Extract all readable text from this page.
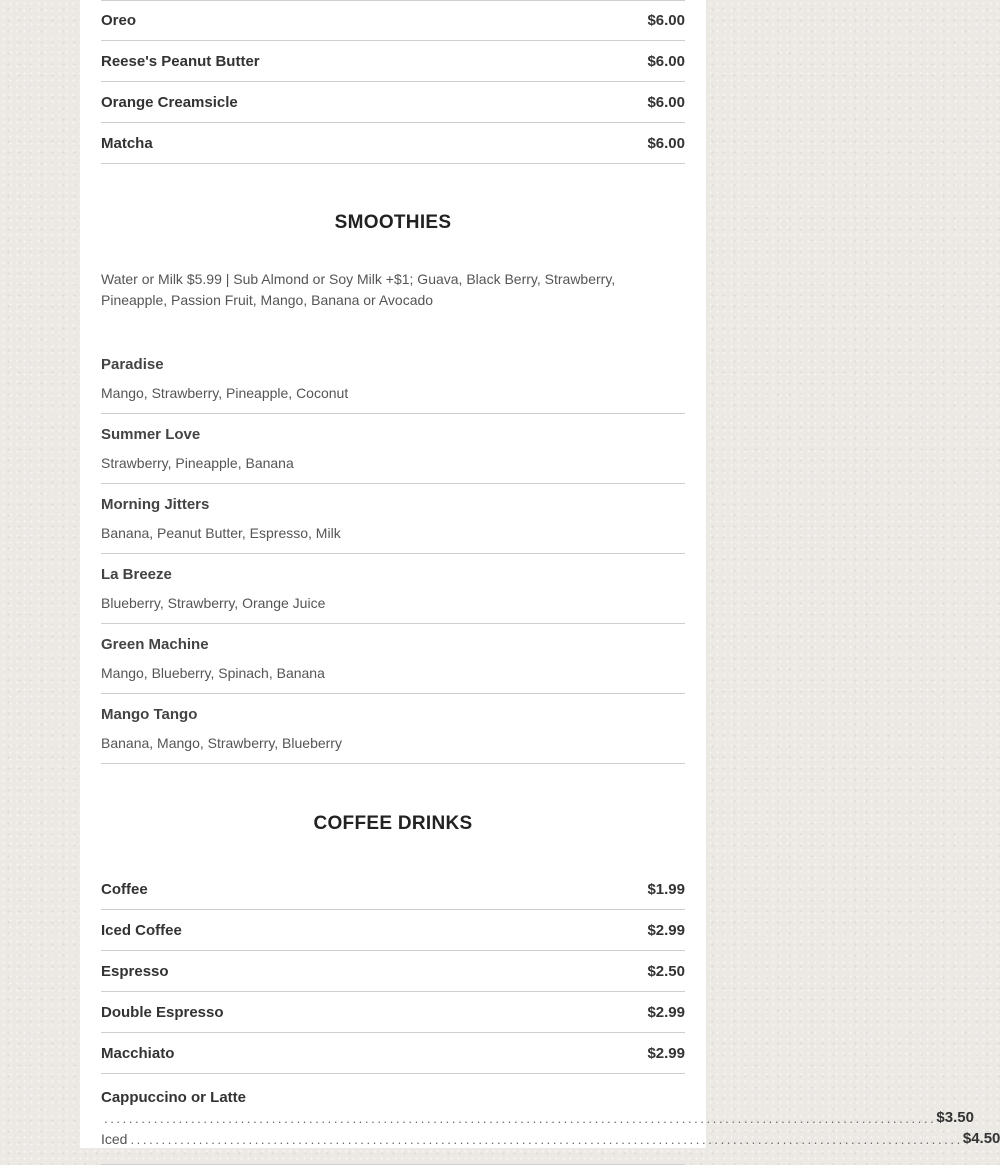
Oreo	$6.00
Reese's Peanut Butter	$6.00
Orange Creamsicle	$6.00
Matcha	$6.00
SMOOTHIES
Water or Milk $5.99 | Sub Almond or Soy Milk +$1; Guava, Black Berry, Strawberry, Pineapple, Passion Fruit, Mango, Banana or Avocado
Paradise
Mango, Strawberry, Pineapple, Coconut
Summer Love
Strawberry, Pineapple, Banana
Morning Jitters
Banana, Peanut Butter, Espresso, Milk
La Breeze
Blueberry, Strawberry, Orange Juice
Green Machine
Mango, Blueberry, Spinach, Banana
Mango Tango
Banana, Mango, Strawberry, Blueberry
COFFEE DRINKS
Coffee	$1.99
Iced Coffee	$2.99
Espresso	$2.50
Double Espresso	$2.99
Macchiato	$2.99
Cappuccino or Latte
...................................................................................................................................... $3.50
Iced ...................................................................................................................................... $4.50
